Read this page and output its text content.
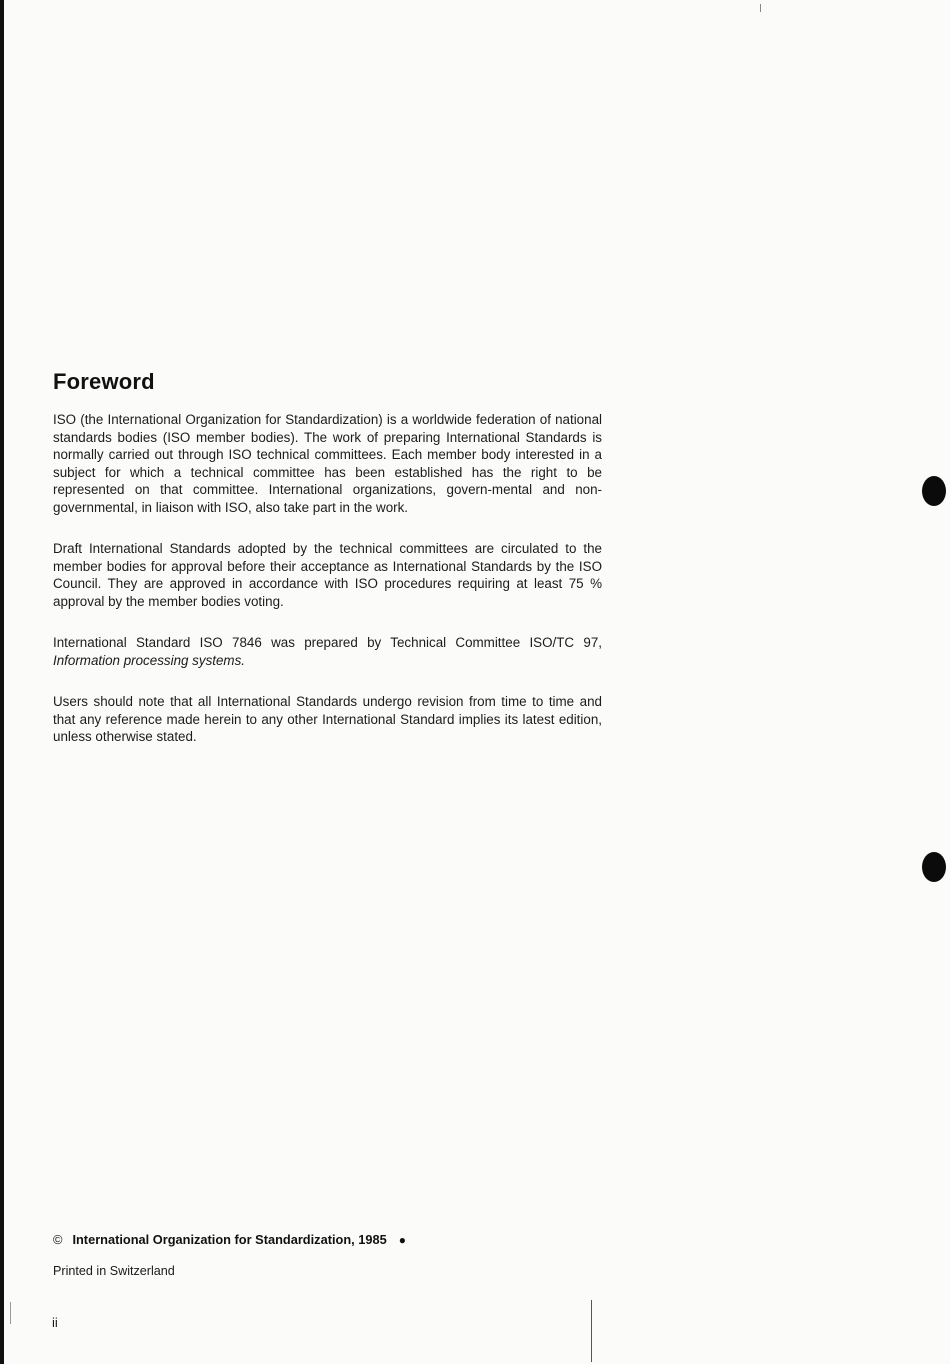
Foreword

ISO (the International Organization for Standardization) is a worldwide federation of national standards bodies (ISO member bodies). The work of preparing International Standards is normally carried out through ISO technical committees. Each member body interested in a subject for which a technical committee has been established has the right to be represented on that committee. International organizations, govern-mental and non-governmental, in liaison with ISO, also take part in the work.

Draft International Standards adopted by the technical committees are circulated to the member bodies for approval before their acceptance as International Standards by the ISO Council. They are approved in accordance with ISO procedures requiring at least 75 % approval by the member bodies voting.

International Standard ISO 7846 was prepared by Technical Committee ISO/TC 97, Information processing systems.

Users should note that all International Standards undergo revision from time to time and that any reference made herein to any other International Standard implies its latest edition, unless otherwise stated.

© International Organization for Standardization, 1985 ●
Printed in Switzerland
ii
